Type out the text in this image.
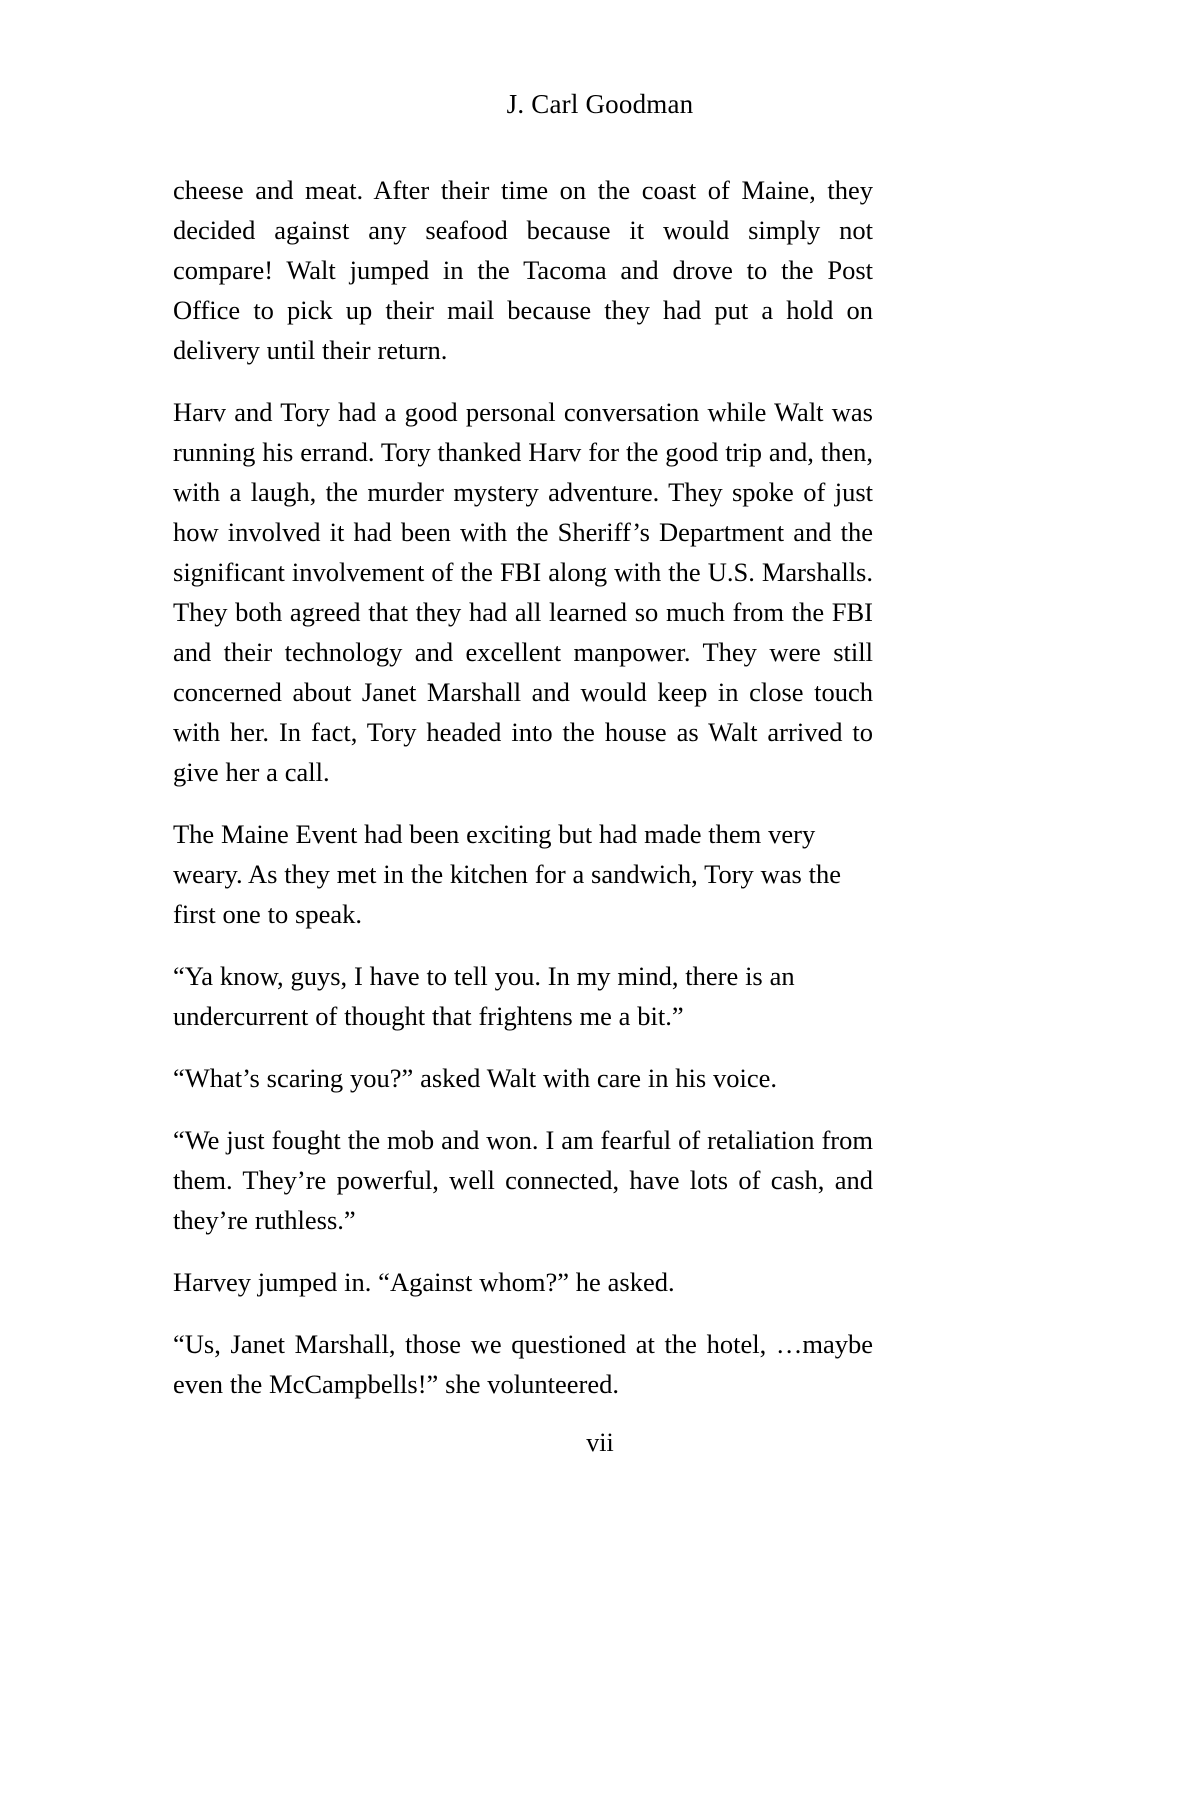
J. Carl Goodman

cheese and meat. After their time on the coast of Maine, they decided against any seafood because it would simply not compare! Walt jumped in the Tacoma and drove to the Post Office to pick up their mail because they had put a hold on delivery until their return.

Harv and Tory had a good personal conversation while Walt was running his errand. Tory thanked Harv for the good trip and, then, with a laugh, the murder mystery adventure. They spoke of just how involved it had been with the Sheriff’s Department and the significant involvement of the FBI along with the U.S. Marshalls. They both agreed that they had all learned so much from the FBI and their technology and excellent manpower. They were still concerned about Janet Marshall and would keep in close touch with her. In fact, Tory headed into the house as Walt arrived to give her a call.

The Maine Event had been exciting but had made them very weary. As they met in the kitchen for a sandwich, Tory was the first one to speak.

“Ya know, guys, I have to tell you. In my mind, there is an undercurrent of thought that frightens me a bit.”

“What’s scaring you?” asked Walt with care in his voice.

“We just fought the mob and won. I am fearful of retaliation from them. They’re powerful, well connected, have lots of cash, and they’re ruthless.”

Harvey jumped in. “Against whom?” he asked.

“Us, Janet Marshall, those we questioned at the hotel, …maybe even the McCampbells!” she volunteered.

vii
